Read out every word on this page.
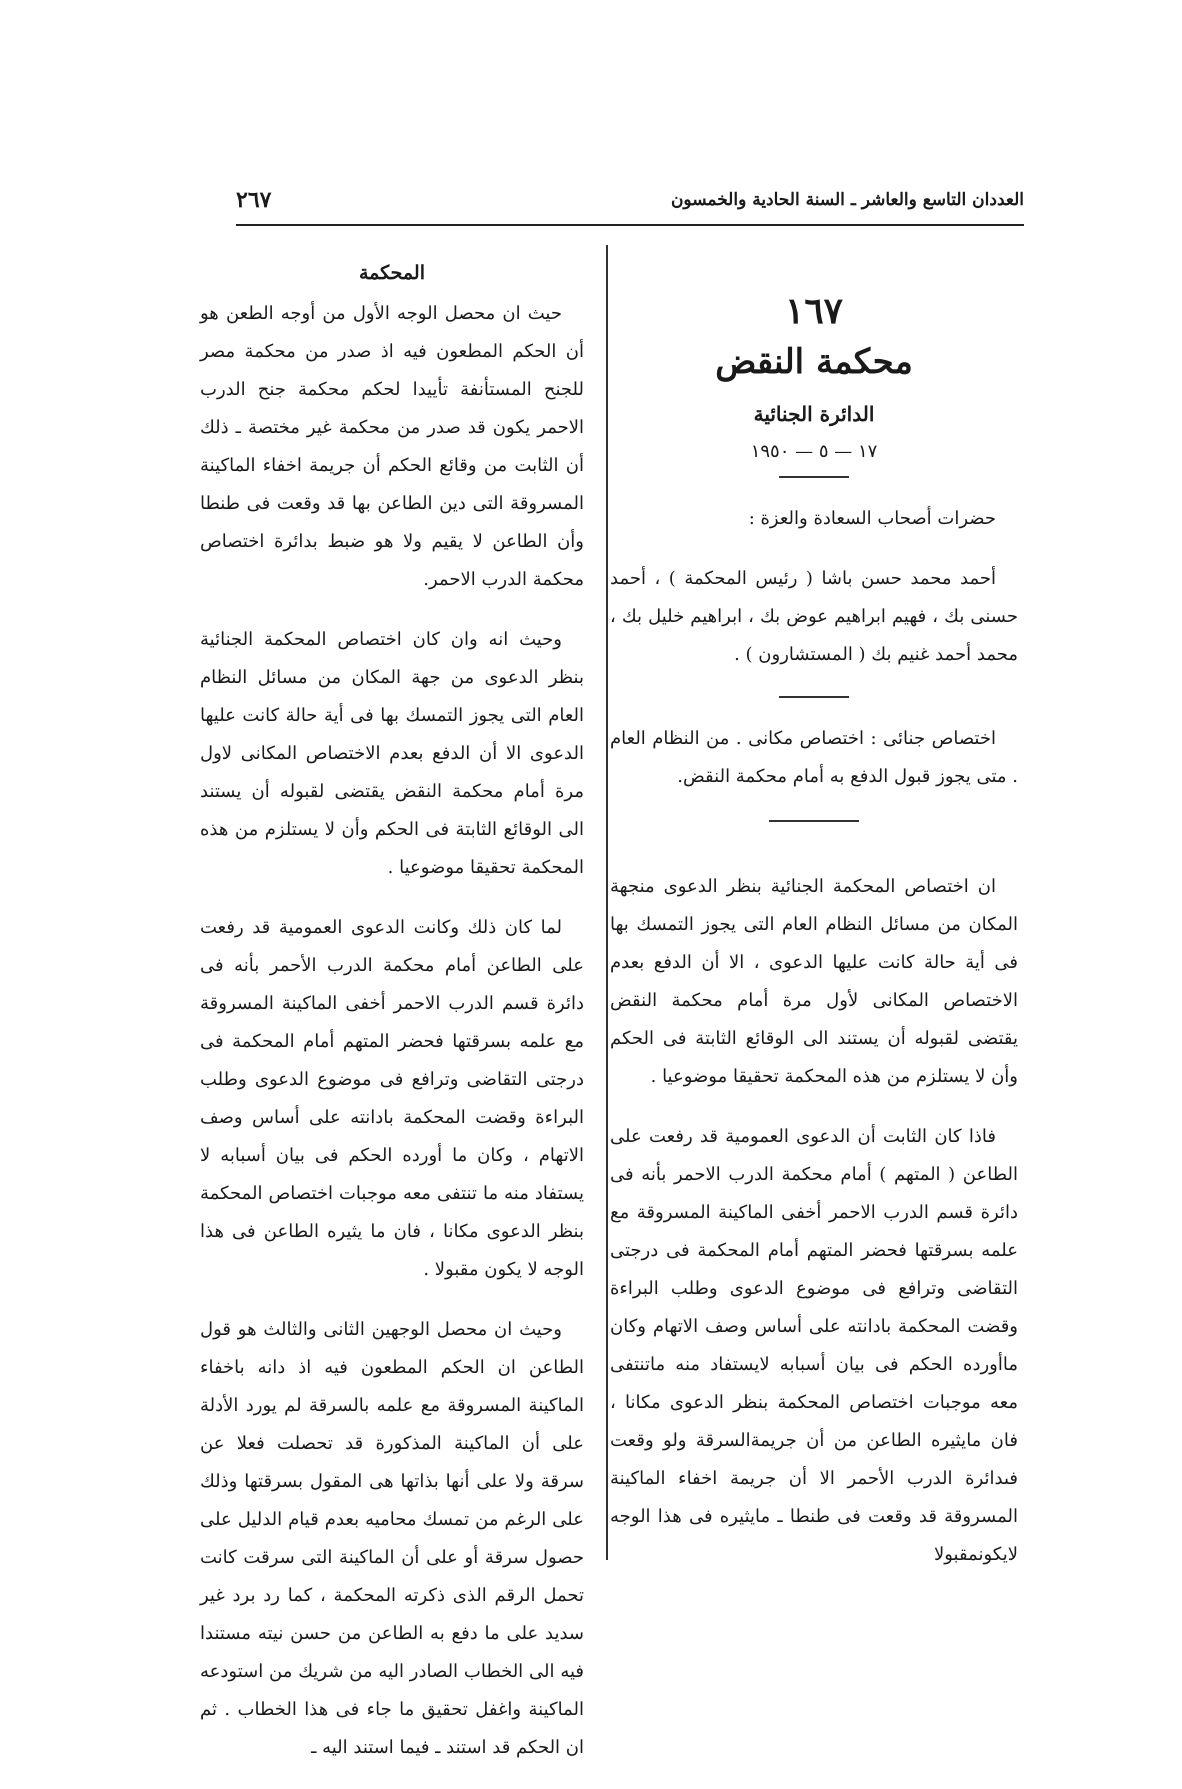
العددان التاسع والعاشر ـ السنة الحادية والخمسون
٢٦٧
١٦٧
محكمة النقض
الدائرة الجنائية
١٧ — ٥ — ١٩٥٠

حضرات أصحاب السعادة والعزة :

أحمد محمد حسن باشا ( رئيس المحكمة ) ، أحمد حسنى بك ، فهيم ابراهيم عوض بك ، ابراهيم خليل بك ، محمد أحمد غنيم بك ( المستشارون ) .

اختصاص جنائى : اختصاص مكانى . من النظام العام . متى يجوز قبول الدفع به أمام محكمة النقض.

ان اختصاص المحكمة الجنائية بنظر الدعوى منجهة المكان من مسائل النظام العام التى يجوز التمسك بها فى أية حالة كانت عليها الدعوى ، الا أن الدفع بعدم الاختصاص المكانى لأول مرة أمام محكمة النقض يقتضى لقبوله أن يستند الى الوقائع الثابتة فى الحكم وأن لا يستلزم من هذه المحكمة تحقيقا موضوعيا .

فاذا كان الثابت أن الدعوى العمومية قد رفعت على الطاعن ( المتهم ) أمام محكمة الدرب الاحمر بأنه فى دائرة قسم الدرب الاحمر أخفى الماكينة المسروقة مع علمه بسرقتها فحضر المتهم أمام المحكمة فى درجتى التقاضى وترافع فى موضوع الدعوى وطلب البراءة وقضت المحكمة بادانته على أساس وصف الاتهام وكان ماأورده الحكم فى بيان أسبابه لايستفاد منه ماتنتفى معه موجبات اختصاص المحكمة بنظر الدعوى مكانا ، فان مايثيره الطاعن من أن جريمةالسرقة ولو وقعت فىدائرة الدرب الأحمر الا أن جريمة اخفاء الماكينة المسروقة قد وقعت فى طنطا ـ مايثيره فى هذا الوجه لايكونمقبولا

المحكمة

حيث ان محصل الوجه الأول من أوجه الطعن هو أن الحكم المطعون فيه اذ صدر من محكمة مصر للجنح المستأنفة تأييدا لحكم محكمة جنح الدرب الاحمر يكون قد صدر من محكمة غير مختصة ـ ذلك أن الثابت من وقائع الحكم أن جريمة اخفاء الماكينة المسروقة التى دين الطاعن بها قد وقعت فى طنطا وأن الطاعن لا يقيم ولا هو ضبط بدائرة اختصاص محكمة الدرب الاحمر.

وحيث انه وان كان اختصاص المحكمة الجنائية بنظر الدعوى من جهة المكان من مسائل النظام العام التى يجوز التمسك بها فى أية حالة كانت عليها الدعوى الا أن الدفع بعدم الاختصاص المكانى لاول مرة أمام محكمة النقض يقتضى لقبوله أن يستند الى الوقائع الثابتة فى الحكم وأن لا يستلزم من هذه المحكمة تحقيقا موضوعيا .

لما كان ذلك وكانت الدعوى العمومية قد رفعت على الطاعن أمام محكمة الدرب الأحمر بأنه فى دائرة قسم الدرب الاحمر أخفى الماكينة المسروقة مع علمه بسرقتها فحضر المتهم أمام المحكمة فى درجتى التقاضى وترافع فى موضوع الدعوى وطلب البراءة وقضت المحكمة بادانته على أساس وصف الاتهام ، وكان ما أورده الحكم فى بيان أسبابه لا يستفاد منه ما تنتفى معه موجبات اختصاص المحكمة بنظر الدعوى مكانا ، فان ما يثيره الطاعن فى هذا الوجه لا يكون مقبولا .

وحيث ان محصل الوجهين الثانى والثالث هو قول الطاعن ان الحكم المطعون فيه اذ دانه باخفاء الماكينة المسروقة مع علمه بالسرقة لم يورد الأدلة على أن الماكينة المذكورة قد تحصلت فعلا عن سرقة ولا على أنها بذاتها هى المقول بسرقتها وذلك على الرغم من تمسك محاميه بعدم قيام الدليل على حصول سرقة أو على أن الماكينة التى سرقت كانت تحمل الرقم الذى ذكرته المحكمة ، كما رد برد غير سديد على ما دفع به الطاعن من حسن نيته مستندا فيه الى الخطاب الصادر اليه من شريك من استودعه الماكينة واغفل تحقيق ما جاء فى هذا الخطاب . ثم ان الحكم قد استند ـ فيما استند اليه ـ
